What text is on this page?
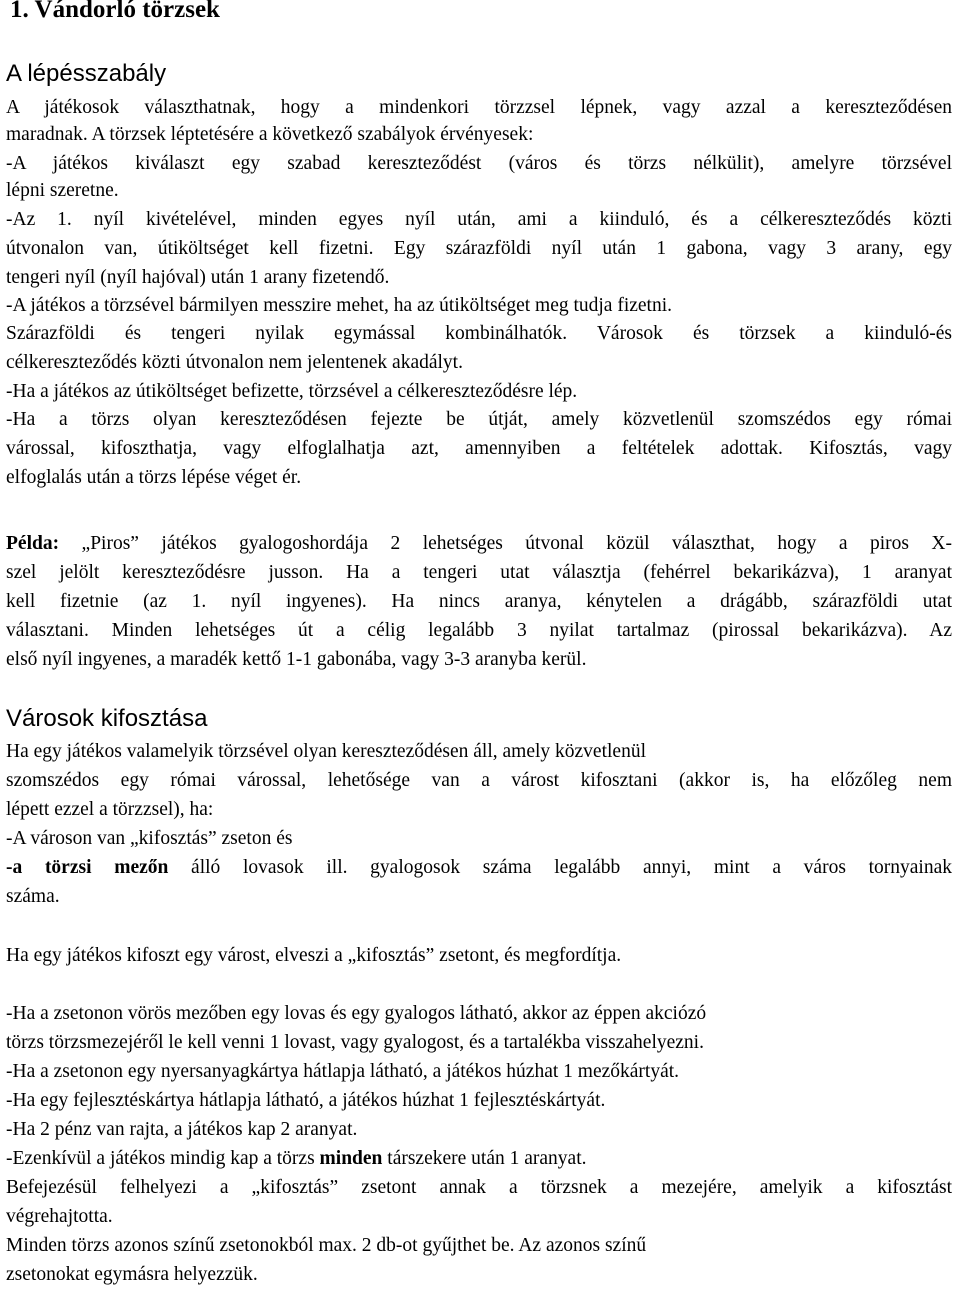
1. Vándorló törzsek
A lépésszabály

A játékosok választhatnak, hogy a mindenkori törzzsel lépnek, vagy azzal a kereszteződésen

maradnak. A törzsek léptetésére a következő szabályok érvényesek:

-A játékos kiválaszt egy szabad kereszteződést (város és törzs nélkülit), amelyre törzsével

lépni szeretne.

-Az 1. nyíl kivételével, minden egyes nyíl után, ami a kiinduló, és a célkereszteződés közti

útvonalon van, útiköltséget kell fizetni. Egy szárazföldi nyíl után 1 gabona, vagy 3 arany, egy

tengeri nyíl (nyíl hajóval) után 1 arany fizetendő.

-A játékos a törzsével bármilyen messzire mehet, ha az útiköltséget meg tudja fizetni.

Szárazföldi és tengeri nyilak egymással kombinálhatók. Városok és törzsek a kiinduló-és

célkereszteződés közti útvonalon nem jelentenek akadályt.

-Ha a játékos az útiköltséget befizette, törzsével a célkereszteződésre lép.

-Ha a törzs olyan kereszteződésen fejezte be útját, amely közvetlenül szomszédos egy római

várossal, kifoszthatja, vagy elfoglalhatja azt, amennyiben a feltételek adottak. Kifosztás, vagy

elfoglalás után a törzs lépése véget ér.

Példa: „Piros” játékos gyalogoshordája 2 lehetséges útvonal közül választhat, hogy a piros X-

szel jelölt kereszteződésre jusson. Ha a tengeri utat választja (fehérrel bekarikázva), 1 aranyat

kell fizetnie (az 1. nyíl ingyenes). Ha nincs aranya, kénytelen a drágább, szárazföldi utat

választani. Minden lehetséges út a célig legalább 3 nyilat tartalmaz (pirossal bekarikázva). Az

első nyíl ingyenes, a maradék kettő 1-1 gabonába, vagy 3-3 aranyba kerül.

Városok kifosztása

Ha egy játékos valamelyik törzsével olyan kereszteződésen áll, amely közvetlenül

szomszédos egy római várossal, lehetősége van a várost kifosztani (akkor is, ha előzőleg nem

lépett ezzel a törzzsel), ha:

-A városon van „kifosztás” zseton és

-a törzsi mezőn álló lovasok ill. gyalogosok száma legalább annyi, mint a város tornyainak

száma.

Ha egy játékos kifoszt egy várost, elveszi a „kifosztás” zsetont, és megfordítja.

-Ha a zsetonon vörös mezőben egy lovas és egy gyalogos látható, akkor az éppen akciózó

törzs törzsmezejéről le kell venni 1 lovast, vagy gyalogost, és a tartalékba visszahelyezni.

-Ha a zsetonon egy nyersanyagkártya hátlapja látható, a játékos húzhat 1 mezőkártyát.

-Ha egy fejlesztéskártya hátlapja látható, a játékos húzhat 1 fejlesztéskártyát.

-Ha 2 pénz van rajta, a játékos kap 2 aranyat.

-Ezenkívül a játékos mindig kap a törzs minden társzekere után 1 aranyat.

Befejezésül felhelyezi a „kifosztás” zsetont annak a törzsnek a mezejére, amelyik a kifosztást

végrehajtotta.

Minden törzs azonos színű zsetonokból max. 2 db-ot gyűjthet be. Az azonos színű

zsetonokat egymásra helyezzük.
